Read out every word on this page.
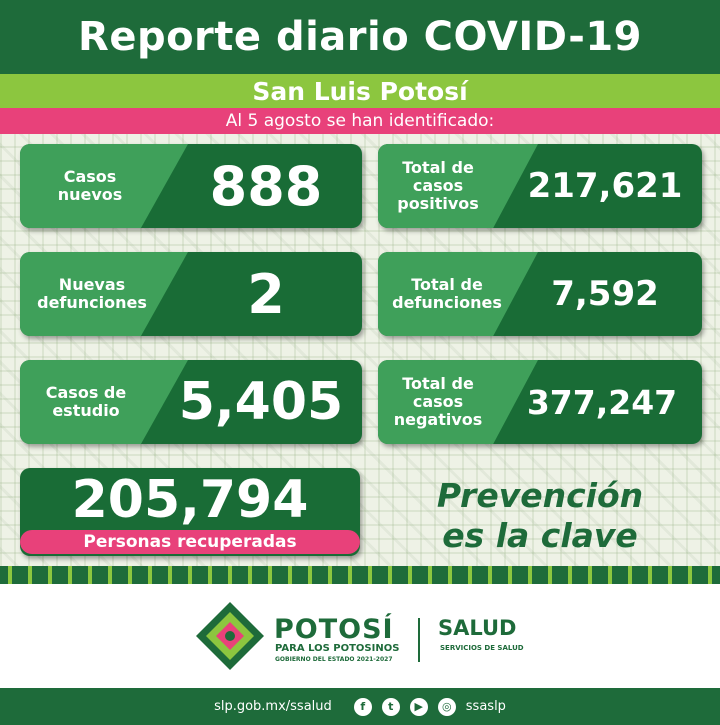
Reporte diario COVID-19
San Luis Potosí
Al 5 agosto se han identificado:
Casos
nuevos	888	Total de
casos
positivos	217,621
Nuevas
defunciones	2	Total de
defunciones	7,592
Casos de
estudio	5,405	Total de
casos
negativos	377,247
205,794
Personas recuperadas
Prevención
es la clave
POTOSÍ
PARA LOS POTOSINOS
GOBIERNO DEL ESTADO 2021-2027
SALUD
SERVICIOS DE SALUD
slp.gob.mx/ssalud	f	t	▶	◎	ssaslp
